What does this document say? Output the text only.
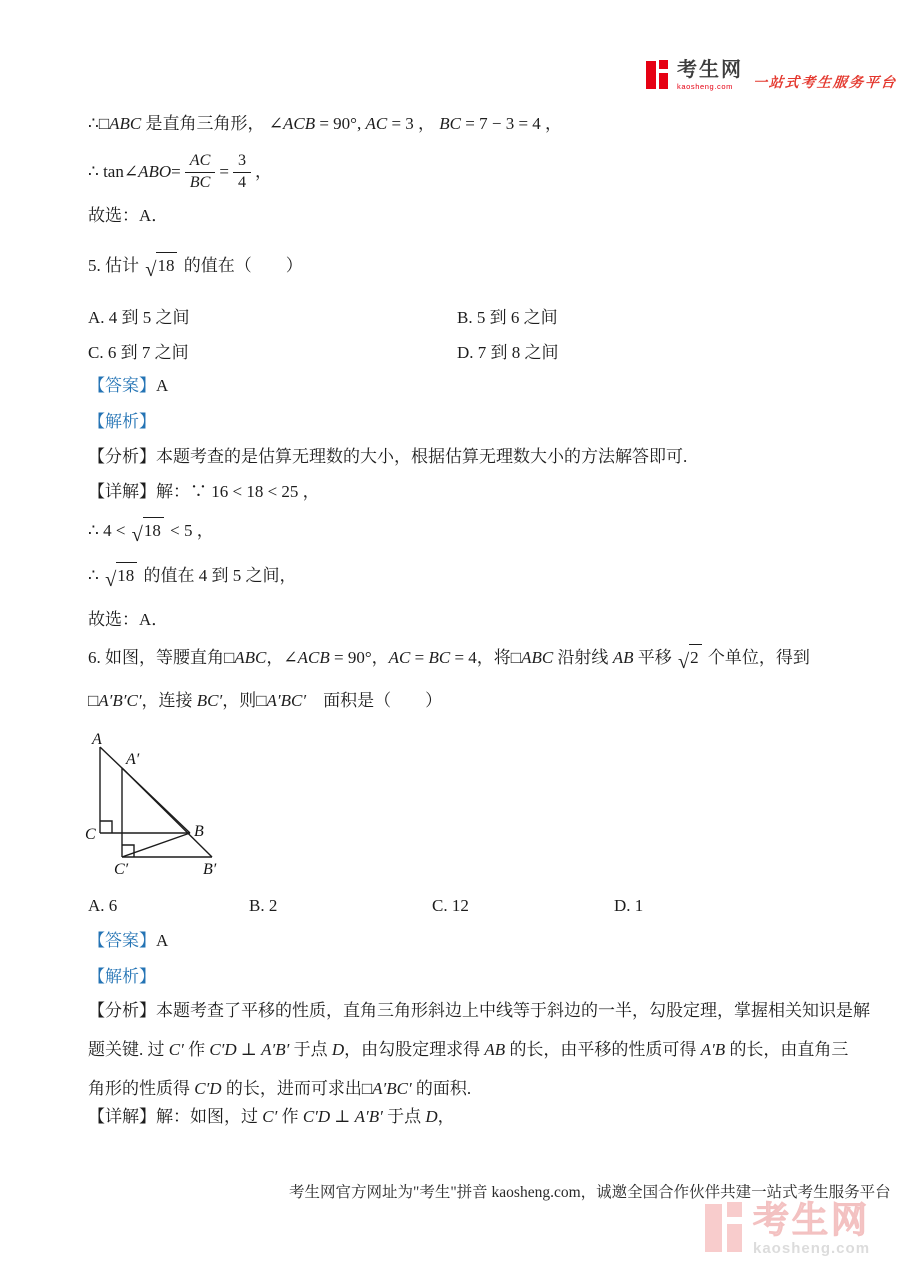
考生网
kaosheng.com	一站式考生服务平台
∴□ABC 是直角三角形， ∠ACB = 90°, AC = 3 ， BC = 7 − 3 = 4 ，
∴ tan ∠ ABO = $\frac{AC}{BC} = \frac{3}{4}$ ，
故选：A．
5. 估计 √ 18 的值在（　　）
A. 4 到 5 之间	B. 5 到 6 之间
C. 6 到 7 之间	D. 7 到 8 之间
【答案】A
【解析】
【分析】本题考查的是估算无理数的大小，根据估算无理数大小的方法解答即可.
【详解】解：∵ 16 < 18 < 25 ，
∴ 4 < √ 18 < 5 ，
∴ √ 18 的值在 4 到 5 之间，
故选：A．
6. 如图，等腰直角□ABC，∠ACB = 90°，AC = BC = 4，将□ABC 沿射线 AB 平移 √ 2 个单位，得到
□A′B′C′，连接 BC′，则□A′BC′　面积是（　　）
A
A′
C	B
C′	B′
A. 6	B. 2	C. 12	D. 1
【答案】A
【解析】
【分析】本题考查了平移的性质，直角三角形斜边上中线等于斜边的一半，勾股定理，掌握相关知识是解
题关键. 过 C′ 作 C′D ⊥ A′B′ 于点 D，由勾股定理求得 AB 的长，由平移的性质可得 A′B 的长，由直角三
角形的性质得 C′D 的长，进而可求出□A′BC′ 的面积.
【详解】解：如图，过 C′ 作 C′D ⊥ A′B′ 于点 D，
考生网官方网址为"考生"拼音 kaosheng.com，诚邀全国合作伙伴共建一站式考生服务平台
考生网
kaosheng.com
